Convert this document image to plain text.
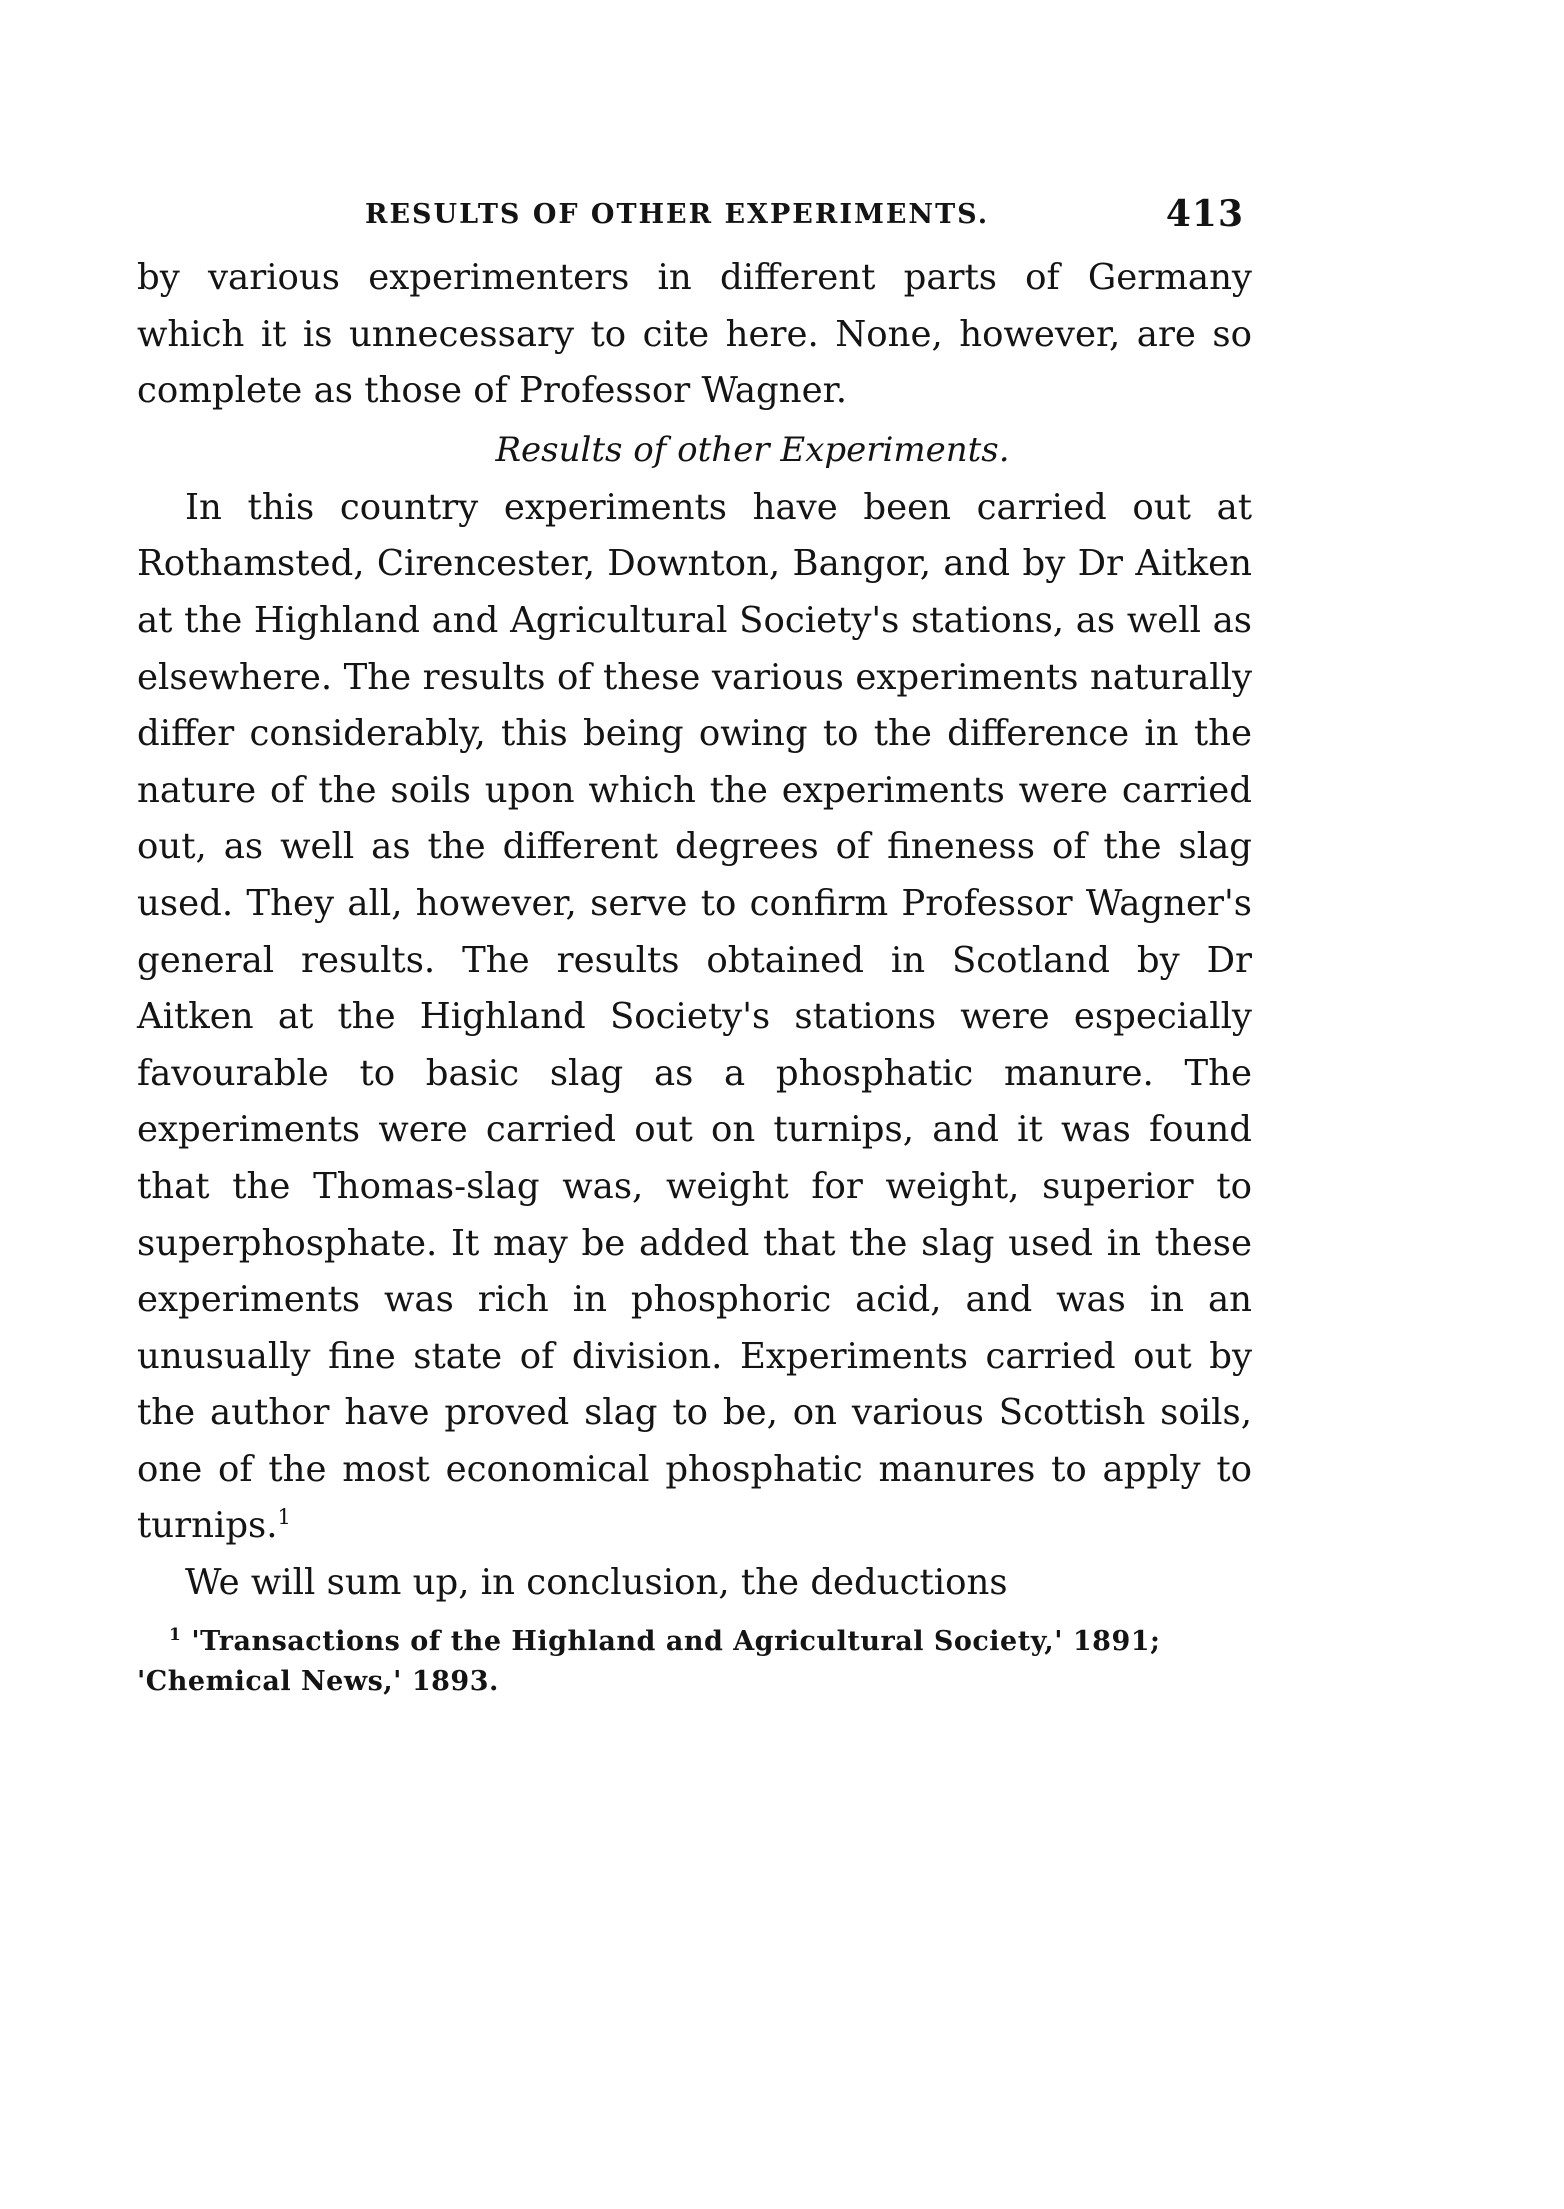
RESULTS OF OTHER EXPERIMENTS.	413

by various experimenters in different parts of Germany which it is unnecessary to cite here. None, however, are so complete as those of Professor Wagner.

Results of other Experiments.

In this country experiments have been carried out at Rothamsted, Cirencester, Downton, Bangor, and by Dr Aitken at the Highland and Agricultural Society's stations, as well as elsewhere. The results of these various experiments naturally differ considerably, this being owing to the difference in the nature of the soils upon which the experiments were carried out, as well as the different degrees of fineness of the slag used. They all, however, serve to confirm Professor Wagner's general results. The results obtained in Scotland by Dr Aitken at the Highland Society's stations were especially favourable to basic slag as a phosphatic manure. The experiments were carried out on turnips, and it was found that the Thomas-slag was, weight for weight, superior to superphosphate. It may be added that the slag used in these experiments was rich in phosphoric acid, and was in an unusually fine state of division. Experiments carried out by the author have proved slag to be, on various Scottish soils, one of the most economical phosphatic manures to apply to turnips.$^1$

We will sum up, in conclusion, the deductions

$^1$ 'Transactions of the Highland and Agricultural Society,' 1891;
'Chemical News,' 1893.
